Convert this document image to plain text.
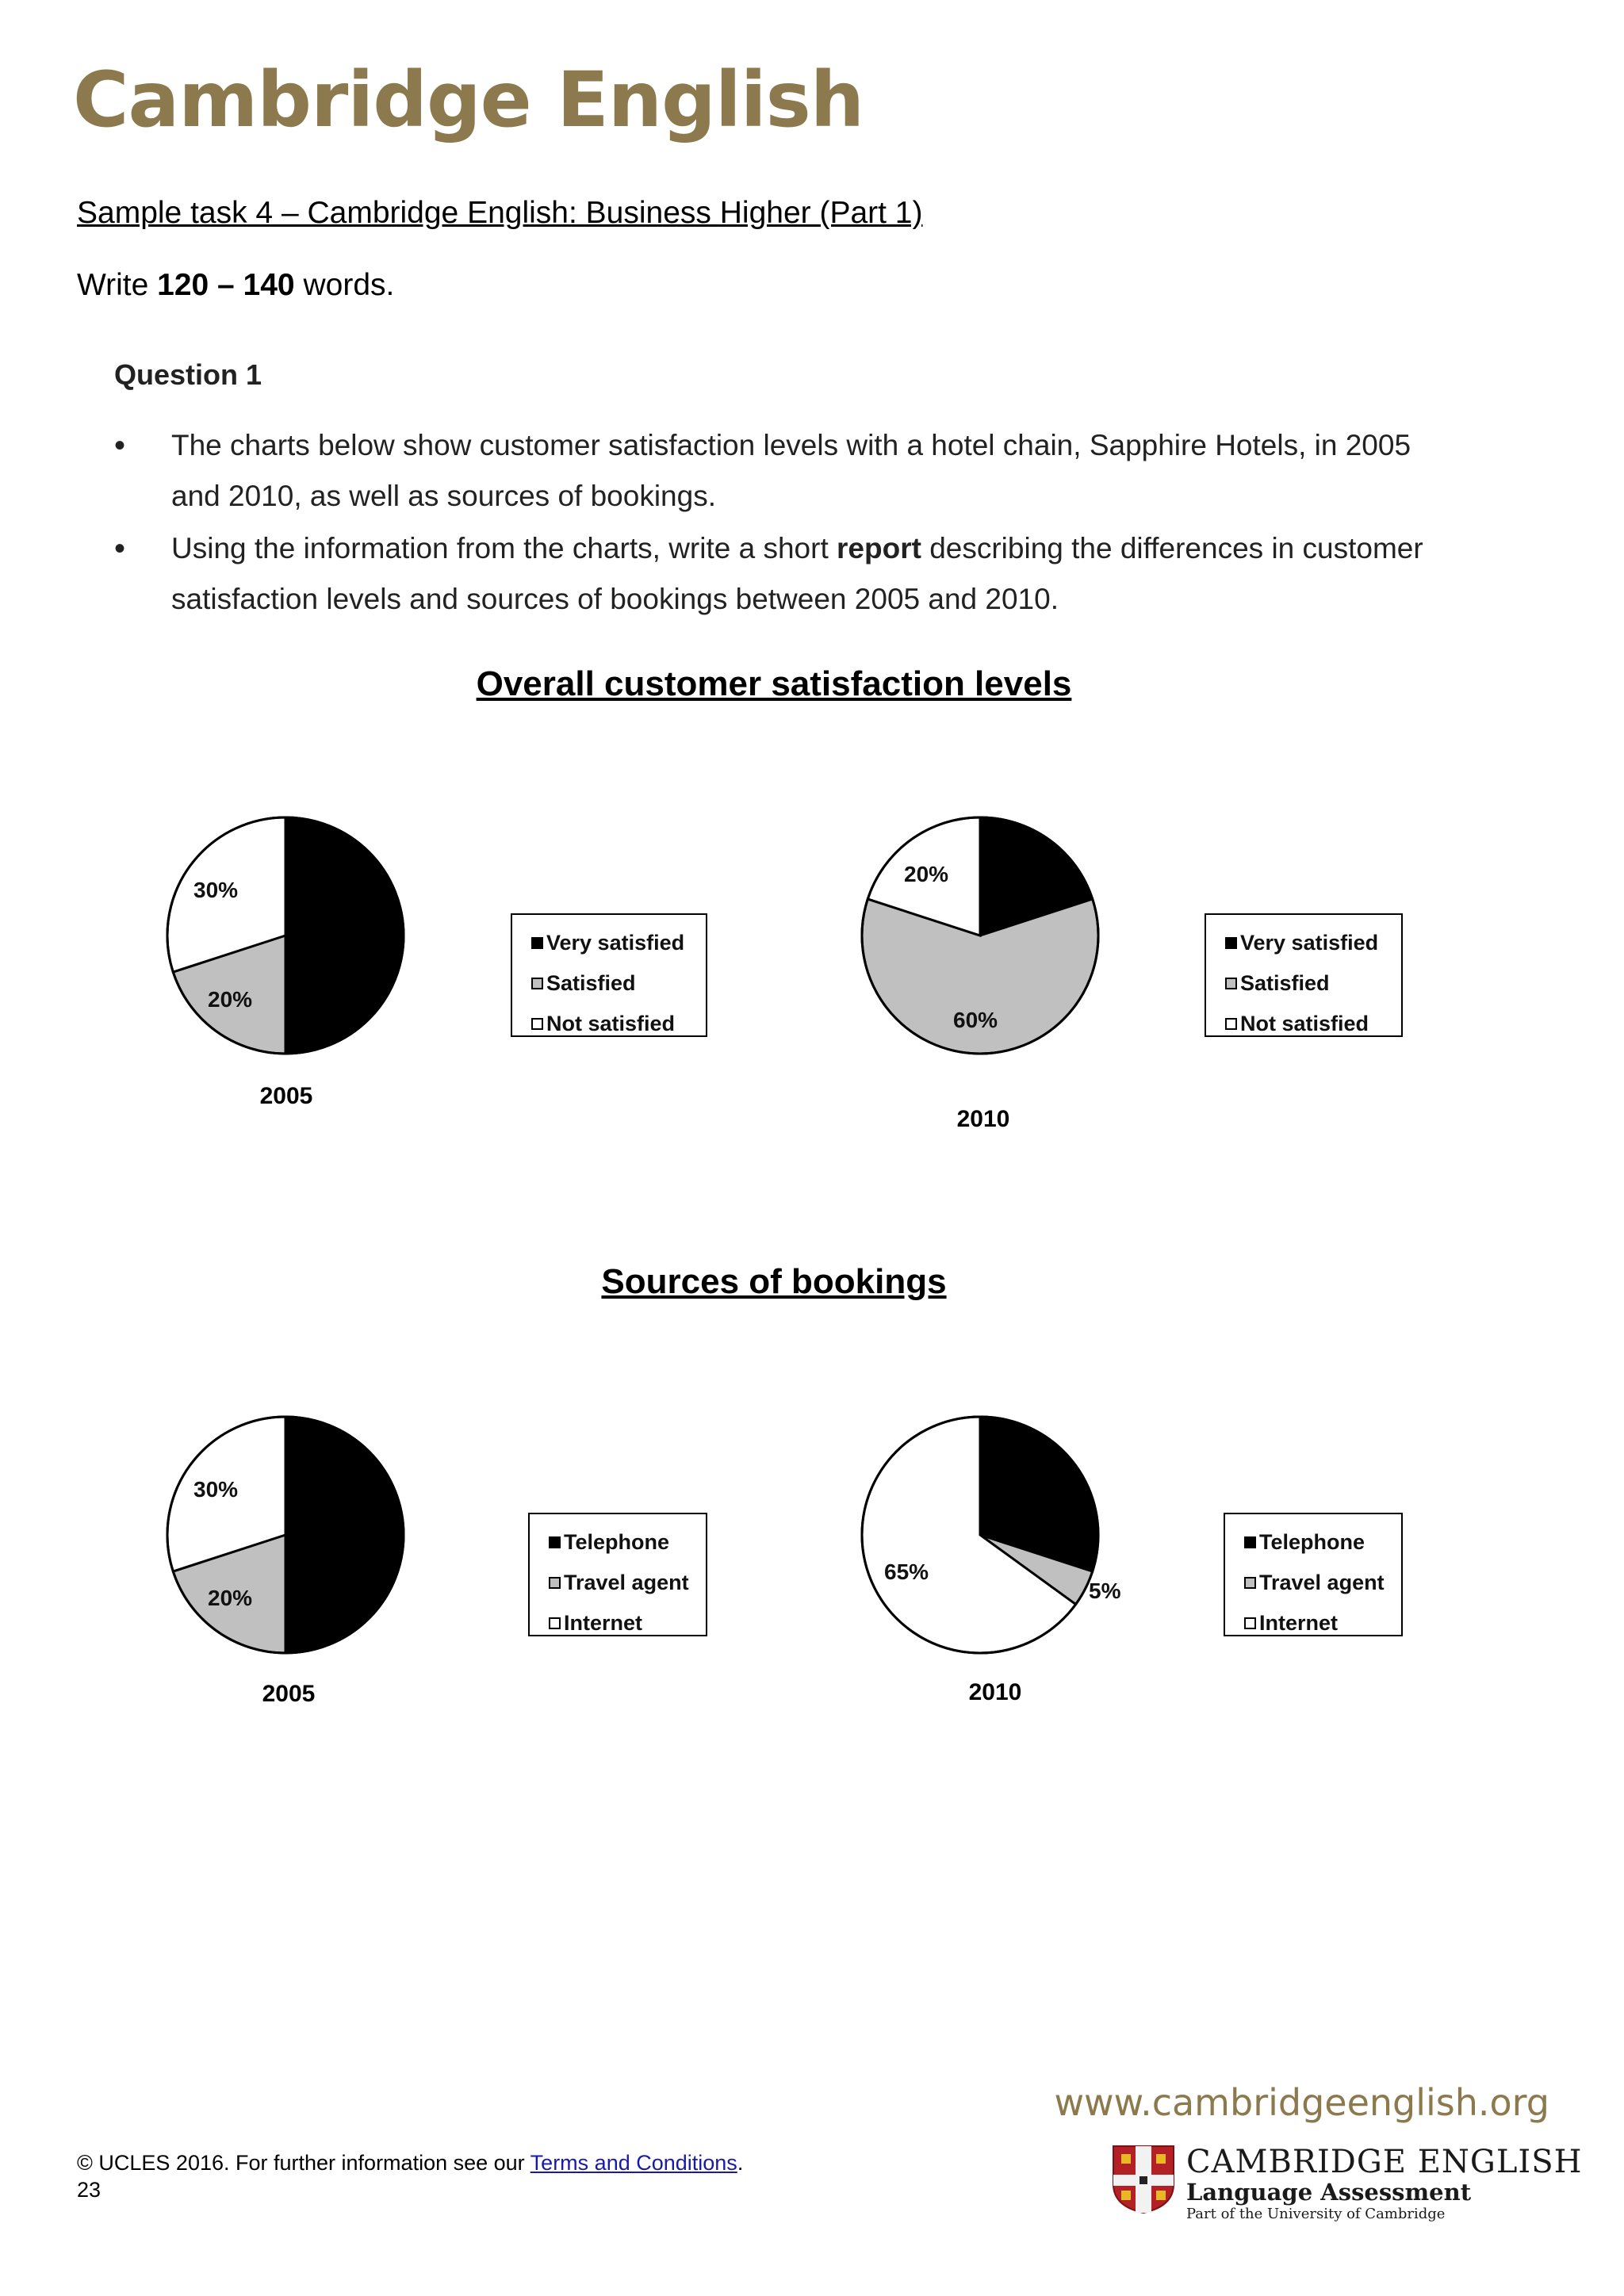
Cambridge English
Sample task 4 – Cambridge English: Business Higher (Part 1)
Write 120 – 140 words.
Question 1
• The charts below show customer satisfaction levels with a hotel chain, Sapphire Hotels, in 2005 and 2010, as well as sources of bookings.
• Using the information from the charts, write a short report describing the differences in customer satisfaction levels and sources of bookings between 2005 and 2010.
Overall customer satisfaction levels
Sources of bookings
30%
20%
20%
60%
30%
20%
65%
5%
2005
2010
2005	2010
Very satisfied
Satisfied
Not satisfied
Very satisfied
Satisfied
Not satisfied
Telephone
Travel agent
Internet
Telephone
Travel agent
Internet
www.cambridgeenglish.org
© UCLES 2016. For further information see our Terms and Conditions.
23
CAMBRIDGE ENGLISH
Language Assessment
Part of the University of Cambridge
